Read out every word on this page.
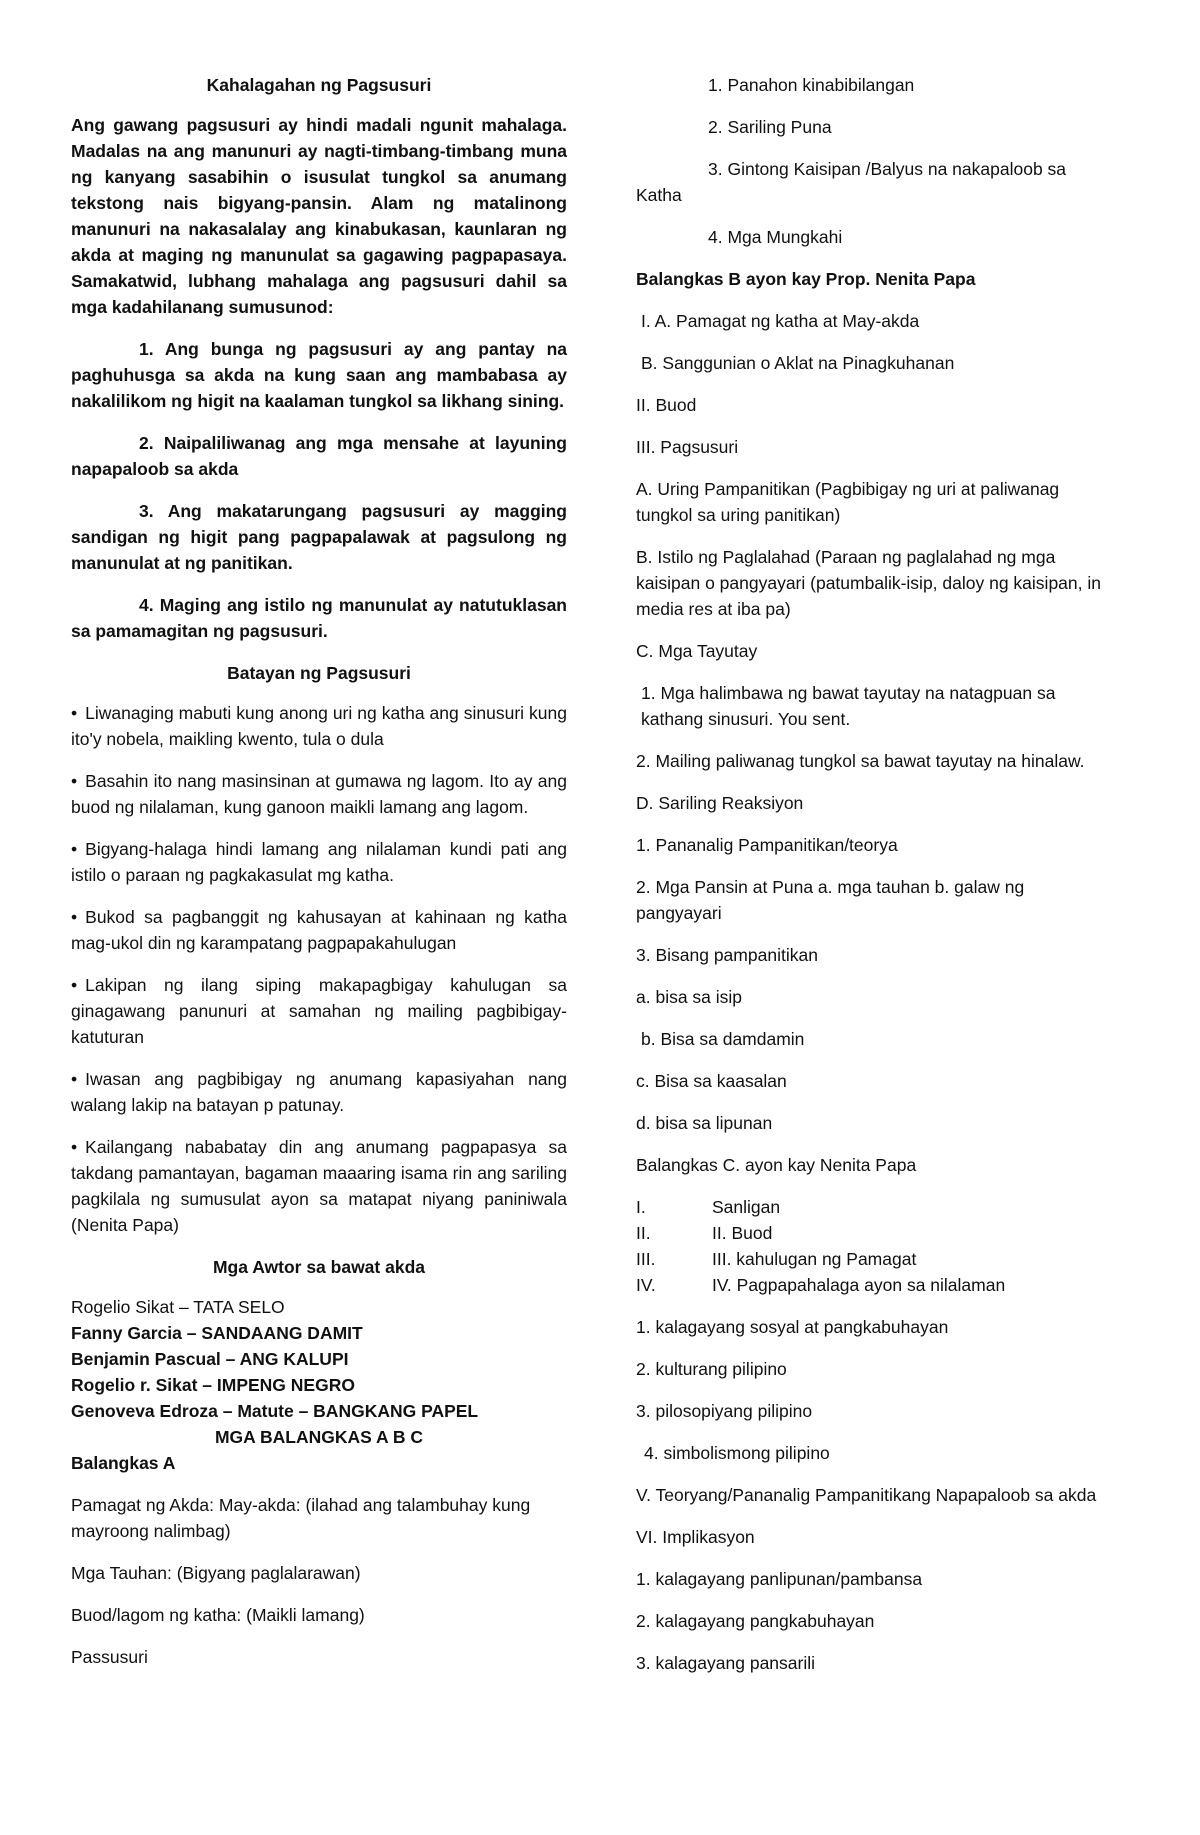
Kahalagahan ng Pagsusuri

Ang gawang pagsusuri ay hindi madali ngunit mahalaga. Madalas na ang manunuri ay nagti-timbang-timbang muna ng kanyang sasabihin o isusulat tungkol sa anumang tekstong nais bigyang-pansin. Alam ng matalinong manunuri na nakasalalay ang kinabukasan, kaunlaran ng akda at maging ng manunulat sa gagawing pagpapasaya. Samakatwid, lubhang mahalaga ang pagsusuri dahil sa mga kadahilanang sumusunod:

1. Ang bunga ng pagsusuri ay ang pantay na paghuhusga sa akda na kung saan ang mambabasa ay nakalilikom ng higit na kaalaman tungkol sa likhang sining.

2. Naipaliliwanag ang mga mensahe at layuning napapaloob sa akda

3. Ang makatarungang pagsusuri ay magging sandigan ng higit pang pagpapalawak at pagsulong ng manunulat at ng panitikan.

4. Maging ang istilo ng manunulat ay natutuklasan sa pamamagitan ng pagsusuri.

Batayan ng Pagsusuri

• Liwanaging mabuti kung anong uri ng katha ang sinusuri kung ito'y nobela, maikling kwento, tula o dula

• Basahin ito nang masinsinan at gumawa ng lagom. Ito ay ang buod ng nilalaman, kung ganoon maikli lamang ang lagom.

• Bigyang-halaga hindi lamang ang nilalaman kundi pati ang istilo o paraan ng pagkakasulat mg katha.

• Bukod sa pagbanggit ng kahusayan at kahinaan ng katha mag-ukol din ng karampatang pagpapakahulugan

• Lakipan ng ilang siping makapagbigay kahulugan sa ginagawang panunuri at samahan ng mailing pagbibigay-katuturan

• Iwasan ang pagbibigay ng anumang kapasiyahan nang walang lakip na batayan p patunay.

• Kailangang nababatay din ang anumang pagpapasya sa takdang pamantayan, bagaman maaaring isama rin ang sariling pagkilala ng sumusulat ayon sa matapat niyang paniniwala (Nenita Papa)

Mga Awtor sa bawat akda

Rogelio Sikat – TATA SELO
Fanny Garcia – SANDAANG DAMIT
Benjamin Pascual – ANG KALUPI
Rogelio r. Sikat – IMPENG NEGRO
Genoveva Edroza – Matute – BANGKANG PAPEL
MGA BALANGKAS A B C
Balangkas A

Pamagat ng Akda: May-akda: (ilahad ang talambuhay kung mayroong nalimbag)

Mga Tauhan: (Bigyang paglalarawan)

Buod/lagom ng katha: (Maikli lamang)

Passusuri

1. Panahon kinabibilangan

2. Sariling Puna

3. Gintong Kaisipan /Balyus na nakapaloob sa

Katha

4. Mga Mungkahi

Balangkas B ayon kay Prop. Nenita Papa

I. A. Pamagat ng katha at May-akda

B. Sanggunian o Aklat na Pinagkuhanan

II. Buod

III. Pagsusuri

A. Uring Pampanitikan (Pagbibigay ng uri at paliwanag tungkol sa uring panitikan)

B. Istilo ng Paglalahad (Paraan ng paglalahad ng mga kaisipan o pangyayari (patumbalik-isip, daloy ng kaisipan, in media res at iba pa)

C. Mga Tayutay

1. Mga halimbawa ng bawat tayutay na natagpuan sa kathang sinusuri. You sent.

2. Mailing paliwanag tungkol sa bawat tayutay na hinalaw.

D. Sariling Reaksiyon

1. Pananalig Pampanitikan/teorya

2. Mga Pansin at Puna a. mga tauhan b. galaw ng pangyayari

3. Bisang pampanitikan

a. bisa sa isip

b. Bisa sa damdamin

c. Bisa sa kaasalan

d. bisa sa lipunan

Balangkas C. ayon kay Nenita Papa

I.	Sanligan
II.	II. Buod
III.	III. kahulugan ng Pamagat
IV.	IV. Pagpapahalaga ayon sa nilalaman

1. kalagayang sosyal at pangkabuhayan

2. kulturang pilipino

3. pilosopiyang pilipino

4. simbolismong pilipino

V. Teoryang/Pananalig Pampanitikang Napapaloob sa akda

VI. Implikasyon

1. kalagayang panlipunan/pambansa

2. kalagayang pangkabuhayan

3. kalagayang pansarili
